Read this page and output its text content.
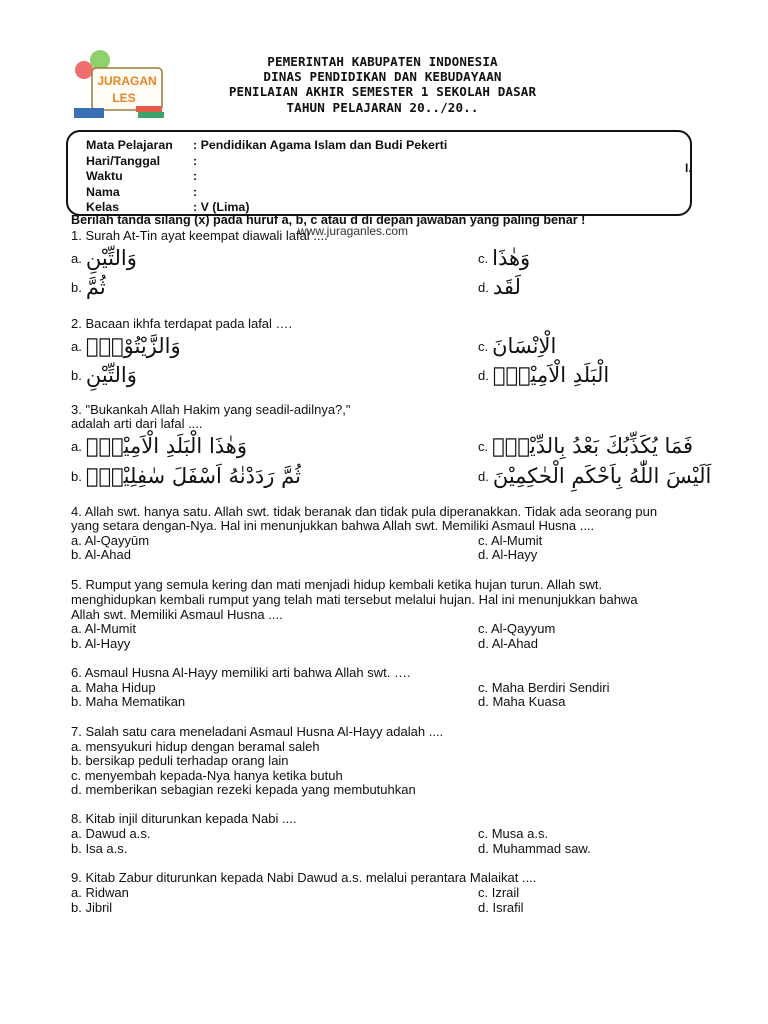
JURAGAN
LES
PEMERINTAH KABUPATEN INDONESIA
DINAS PENDIDIKAN DAN KEBUDAYAAN
PENILAIAN AKHIR SEMESTER 1 SEKOLAH DASAR
TAHUN PELAJARAN 20../20..
Mata Pelajaran	: Pendidikan Agama Islam dan Budi Pekerti
Hari/Tanggal	:
Waktu	:
Nama	:
Kelas	: V (Lima)
I.
Berilah tanda silang (x) pada huruf a, b, c atau d di depan jawaban yang paling benar !
www.juraganles.com
1. Surah At-Tin ayat keempat diawali lafal ....
a. وَالتِّيْنِ	c. وَهٰذَا
b. ثُمَّ	d. لَقَد
2. Bacaan ikhfa terdapat pada lafal ….
a. وَالزَّيْتُوْنِۙ	c. الْاِنْسَانَ
b. وَالتِّيْنِ	d. الْبَلَدِ الْاَمِيْنِۙ
3. "Bukankah Allah Hakim yang seadil-adilnya?,"
adalah arti dari lafal ....
a. وَهٰذَا الْبَلَدِ الْاَمِيْنِۙ	c. فَمَا يُكَذِّبُكَ بَعْدُ بِالدِّيْنِۗ
b. ثُمَّ رَدَدْنٰهُ اَسْفَلَ سٰفِلِيْنَۙ	d. اَلَيْسَ اللّٰهُ بِاَحْكَمِ الْحٰكِمِيْنَ
4. Allah swt. hanya satu. Allah swt. tidak beranak dan tidak pula diperanakkan. Tidak ada seorang pun
yang setara dengan-Nya. Hal ini menunjukkan bahwa Allah swt. Memiliki Asmaul Husna ....
a. Al-Qayyūm	c. Al-Mumit
b. Al-Ahad	d. Al-Hayy
5. Rumput yang semula kering dan mati menjadi hidup kembali ketika hujan turun. Allah swt.
menghidupkan kembali rumput yang telah mati tersebut melalui hujan. Hal ini menunjukkan bahwa
Allah swt. Memiliki Asmaul Husna ....
a. Al-Mumit	c. Al-Qayyum
b. Al-Hayy	d. Al-Ahad
6. Asmaul Husna Al-Hayy memiliki arti bahwa Allah swt. ….
a. Maha Hidup	c. Maha Berdiri Sendiri
b. Maha Mematikan	d. Maha Kuasa
7. Salah satu cara meneladani Asmaul Husna Al-Hayy adalah ....
a. mensyukuri hidup dengan beramal saleh
b. bersikap peduli terhadap orang lain
c. menyembah kepada-Nya hanya ketika butuh
d. memberikan sebagian rezeki kepada yang membutuhkan
8. Kitab injil diturunkan kepada Nabi ....
a. Dawud a.s.	c. Musa a.s.
b. Isa a.s.	d. Muhammad saw.
9. Kitab Zabur diturunkan kepada Nabi Dawud a.s. melalui perantara Malaikat ....
a. Ridwan	c. Izrail
b. Jibril	d. Israfil
